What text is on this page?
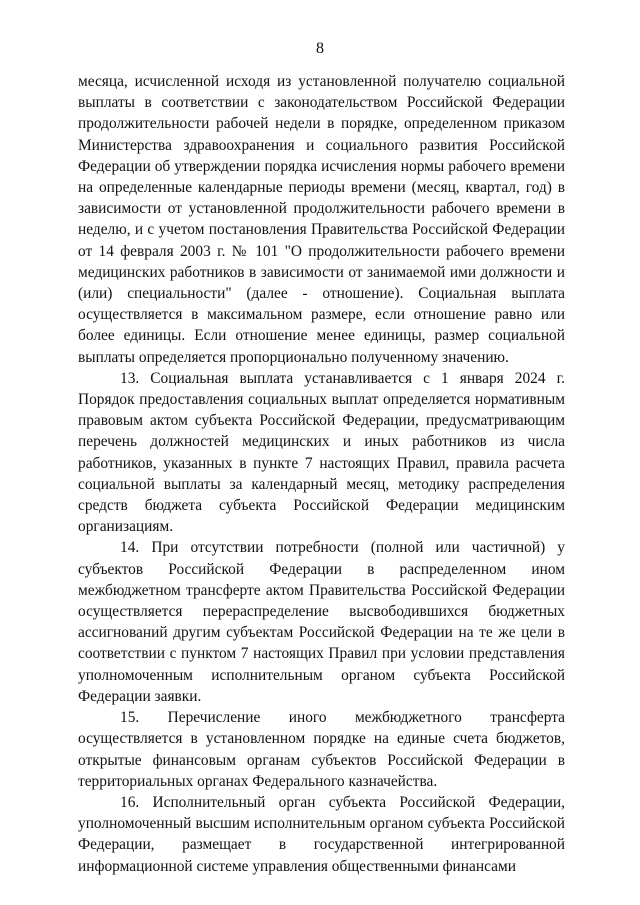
8

месяца, исчисленной исходя из установленной получателю социальной выплаты в соответствии с законодательством Российской Федерации продолжительности рабочей недели в порядке, определенном приказом Министерства здравоохранения и социального развития Российской Федерации об утверждении порядка исчисления нормы рабочего времени на определенные календарные периоды времени (месяц, квартал, год) в зависимости от установленной продолжительности рабочего времени в неделю, и с учетом постановления Правительства Российской Федерации от 14 февраля 2003 г. № 101 "О продолжительности рабочего времени медицинских работников в зависимости от занимаемой ими должности и (или) специальности" (далее - отношение). Социальная выплата осуществляется в максимальном размере, если отношение равно или более единицы. Если отношение менее единицы, размер социальной выплаты определяется пропорционально полученному значению.

13. Социальная выплата устанавливается с 1 января 2024 г. Порядок предоставления социальных выплат определяется нормативным правовым актом субъекта Российской Федерации, предусматривающим перечень должностей медицинских и иных работников из числа работников, указанных в пункте 7 настоящих Правил, правила расчета социальной выплаты за календарный месяц, методику распределения средств бюджета субъекта Российской Федерации медицинским организациям.

14. При отсутствии потребности (полной или частичной) у субъектов Российской Федерации в распределенном ином межбюджетном трансферте актом Правительства Российской Федерации осуществляется перераспределение высвободившихся бюджетных ассигнований другим субъектам Российской Федерации на те же цели в соответствии с пунктом 7 настоящих Правил при условии представления уполномоченным исполнительным органом субъекта Российской Федерации заявки.

15. Перечисление иного межбюджетного трансферта осуществляется в установленном порядке на единые счета бюджетов, открытые финансовым органам субъектов Российской Федерации в территориальных органах Федерального казначейства.

16. Исполнительный орган субъекта Российской Федерации, уполномоченный высшим исполнительным органом субъекта Российской Федерации, размещает в государственной интегрированной информационной системе управления общественными финансами
